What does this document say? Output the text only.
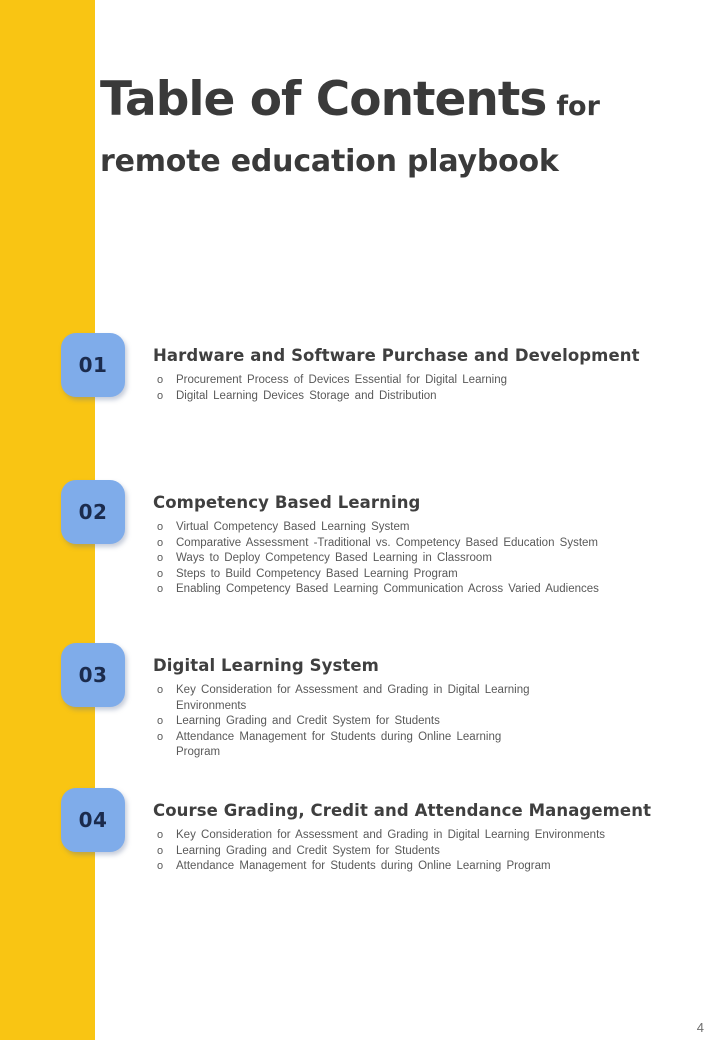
Table of Contents for
remote education playbook
01	Hardware and Software Purchase and Development
o Procurement Process of Devices Essential for Digital Learning
o Digital Learning Devices Storage and Distribution
02	Competency Based Learning
o Virtual Competency Based Learning System
o Comparative Assessment -Traditional vs. Competency Based Education System
o Ways to Deploy Competency Based Learning in Classroom
o Steps to Build Competency Based Learning Program
o Enabling Competency Based Learning Communication Across Varied Audiences
03	Digital Learning System
o Key Consideration for Assessment and Grading in Digital Learning
Environments
o Learning Grading and Credit System for Students
o Attendance Management for Students during Online Learning
Program
04	Course Grading, Credit and Attendance Management
o Key Consideration for Assessment and Grading in Digital Learning Environments
o Learning Grading and Credit System for Students
o Attendance Management for Students during Online Learning Program
4
